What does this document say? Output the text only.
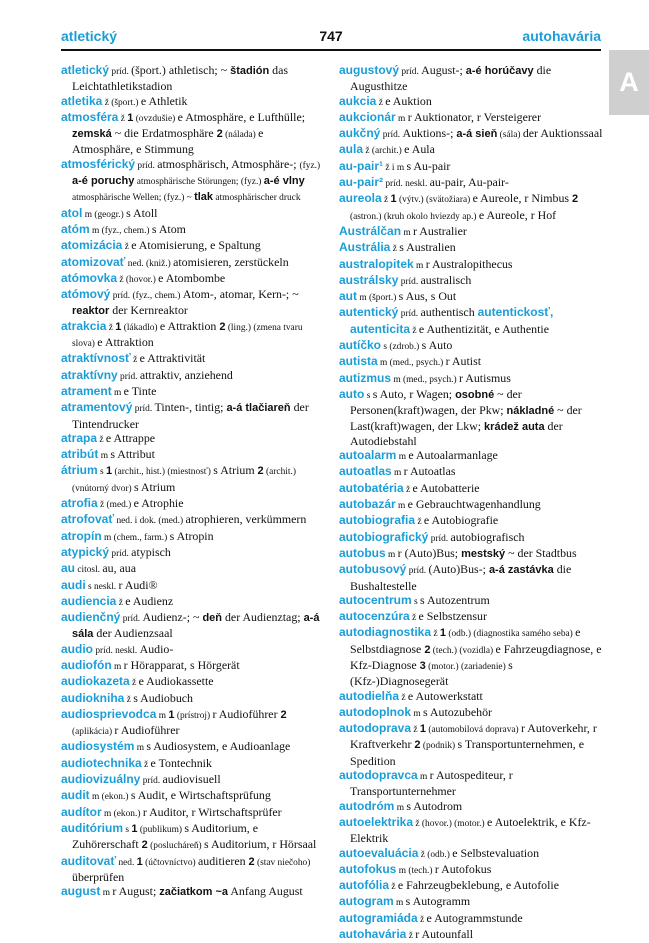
atletický	747	autohavária
A
atletický príd. (šport.) athletisch; ~ štadión das Leichtathletikstadion
atletika ž (šport.) e Athletik
atmosféra ž 1 (ovzdušie) e Atmosphäre, e Lufthülle; zemská ~ die Erdatmosphäre 2 (nálada) e Atmosphäre, e Stimmung
atmosférický príd. atmosphärisch, Atmosphäre-; (fyz.) a-é poruchy atmosphärische Störungen; (fyz.) a-é vlny atmosphärische Wellen; (fyz.) ~ tlak atmosphärischer druck
atol m (geogr.) s Atoll
atóm m (fyz., chem.) s Atom
atomizácia ž e Atomisierung, e Spaltung
atomizovať ned. (kniž.) atomisieren, zerstückeln
atómovka ž (hovor.) e Atombombe
atómový príd. (fyz., chem.) Atom-, atomar, Kern-; ~ reaktor der Kernreaktor
atrakcia ž 1 (lákadlo) e Attraktion 2 (ling.) (zmena tvaru slova) e Attraktion
atraktívnosť ž e Attraktivität
atraktívny príd. attraktiv, anziehend
atrament m e Tinte
atramentový príd. Tinten-, tintig; a-á tlačiareň der Tintendrucker
atrapa ž e Attrappe
atribút m s Attribut
átrium s 1 (archit., hist.) (miestnosť) s Atrium 2 (archit.) (vnútorný dvor) s Atrium
atrofia ž (med.) e Atrophie
atrofovať ned. i dok. (med.) atrophieren, verkümmern
atropín m (chem., farm.) s Atropin
atypický príd. atypisch
au citosl. au, aua
audi s neskl. r Audi®
audiencia ž e Audienz
audienčný príd. Audienz-; ~ deň der Audienztag; a-á sála der Audienzsaal
audio príd. neskl. Audio-
audiofón m r Hörapparat, s Hörgerät
audiokazeta ž e Audiokassette
audiokniha ž s Audiobuch
audiosprievodca m 1 (prístroj) r Audioführer 2 (aplikácia) r Audioführer
audiosystém m s Audiosystem, e Audioanlage
audiotechnika ž e Tontechnik
audiovizuálny príd. audiovisuell
audit m (ekon.) s Audit, e Wirtschaftsprüfung
audítor m (ekon.) r Auditor, r Wirtschaftsprüfer
auditórium s 1 (publikum) s Auditorium, e Zuhörerschaft 2 (poslucháreň) s Auditorium, r Hörsaal
auditovať ned. 1 (účtovníctvo) auditieren 2 (stav niečoho) überprüfen
august m r August; začiatkom ~a Anfang August
augustový príd. August-; a-é horúčavy die Augusthitze
aukcia ž e Auktion
aukcionár m r Auktionator, r Versteigerer
aukčný príd. Auktions-; a-á sieň (sála) der Auktionssaal
aula ž (archit.) e Aula
au-pair¹ ž i m s Au-pair
au-pair² príd. neskl. au-pair, Au-pair-
aureola ž 1 (výtv.) (svätožiara) e Aureole, r Nimbus 2 (astron.) (kruh okolo hviezdy ap.) e Aureole, r Hof
Austrálčan m r Australier
Austrália ž s Australien
australopitek m r Australopithecus
austrálsky príd. australisch
aut m (šport.) s Aus, s Out
autentický príd. authentisch autentickosť, autenticita ž e Authentizität, e Authentie
autíčko s (zdrob.) s Auto
autista m (med., psych.) r Autist
autizmus m (med., psych.) r Autismus
auto s s Auto, r Wagen; osobné ~ der Personen(kraft)wagen, der Pkw; nákladné ~ der Last(kraft)wagen, der Lkw; krádež auta der Autodiebstahl
autoalarm m e Autoalarmanlage
autoatlas m r Autoatlas
autobatéria ž e Autobatterie
autobazár m e Gebrauchtwagenhandlung
autobiografia ž e Autobiografie
autobiografický príd. autobiografisch
autobus m r (Auto)Bus; mestský ~ der Stadtbus
autobusový príd. (Auto)Bus-; a-á zastávka die Bushaltestelle
autocentrum s s Autozentrum
autocenzúra ž e Selbstzensur
autodiagnostika ž 1 (odb.) (diagnostika samého seba) e Selbstdiagnose 2 (tech.) (vozidla) e Fahrzeugdiagnose, e Kfz-Diagnose 3 (motor.) (zariadenie) s (Kfz-)Diagnosegerät
autodielňa ž e Autowerkstatt
autodoplnok m s Autozubehör
autodoprava ž 1 (automobilová doprava) r Autoverkehr, r Kraftverkehr 2 (podnik) s Transportunternehmen, e Spedition
autodopravca m r Autospediteur, r Transportunternehmer
autodróm m s Autodrom
autoelektrika ž (hovor.) (motor.) e Autoelektrik, e Kfz-Elektrik
autoevaluácia ž (odb.) e Selbstevaluation
autofokus m (tech.) r Autofokus
autofólia ž e Fahrzeugbeklebung, e Autofolie
autogram m s Autogramm
autogramiáda ž e Autogrammstunde
autohavária ž r Autounfall
